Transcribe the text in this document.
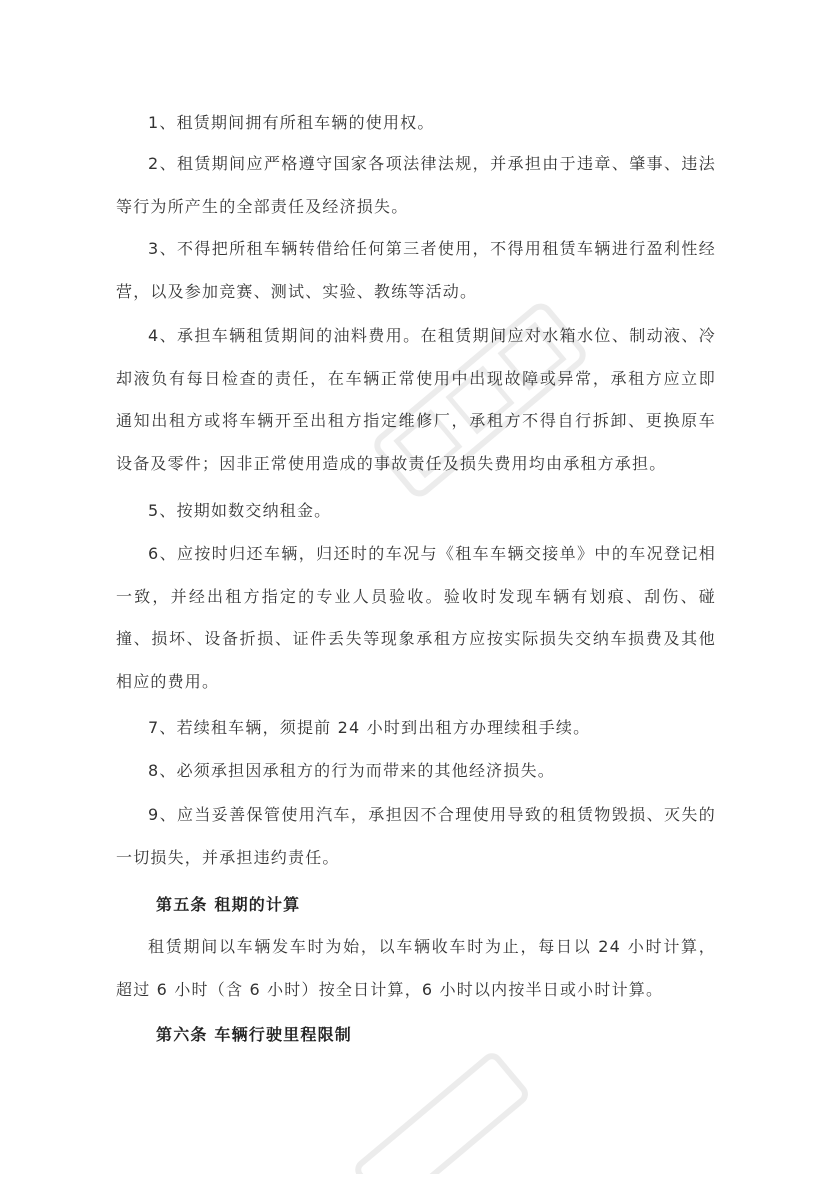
1、租赁期间拥有所租车辆的使用权。

2、租赁期间应严格遵守国家各项法律法规，并承担由于违章、肇事、违法等行为所产生的全部责任及经济损失。

3、不得把所租车辆转借给任何第三者使用，不得用租赁车辆进行盈利性经营，以及参加竞赛、测试、实验、教练等活动。

4、承担车辆租赁期间的油料费用。在租赁期间应对水箱水位、制动液、冷却液负有每日检查的责任，在车辆正常使用中出现故障或异常，承租方应立即通知出租方或将车辆开至出租方指定维修厂，承租方不得自行拆卸、更换原车设备及零件；因非正常使用造成的事故责任及损失费用均由承租方承担。

5、按期如数交纳租金。

6、应按时归还车辆，归还时的车况与《租车车辆交接单》中的车况登记相一致，并经出租方指定的专业人员验收。验收时发现车辆有划痕、刮伤、碰撞、损坏、设备折损、证件丢失等现象承租方应按实际损失交纳车损费及其他相应的费用。

7、若续租车辆，须提前 24 小时到出租方办理续租手续。

8、必须承担因承租方的行为而带来的其他经济损失。

9、应当妥善保管使用汽车，承担因不合理使用导致的租赁物毁损、灭失的一切损失，并承担违约责任。

第五条 租期的计算

租赁期间以车辆发车时为始，以车辆收车时为止，每日以 24 小时计算，超过 6 小时（含 6 小时）按全日计算，6 小时以内按半日或小时计算。

第六条 车辆行驶里程限制
